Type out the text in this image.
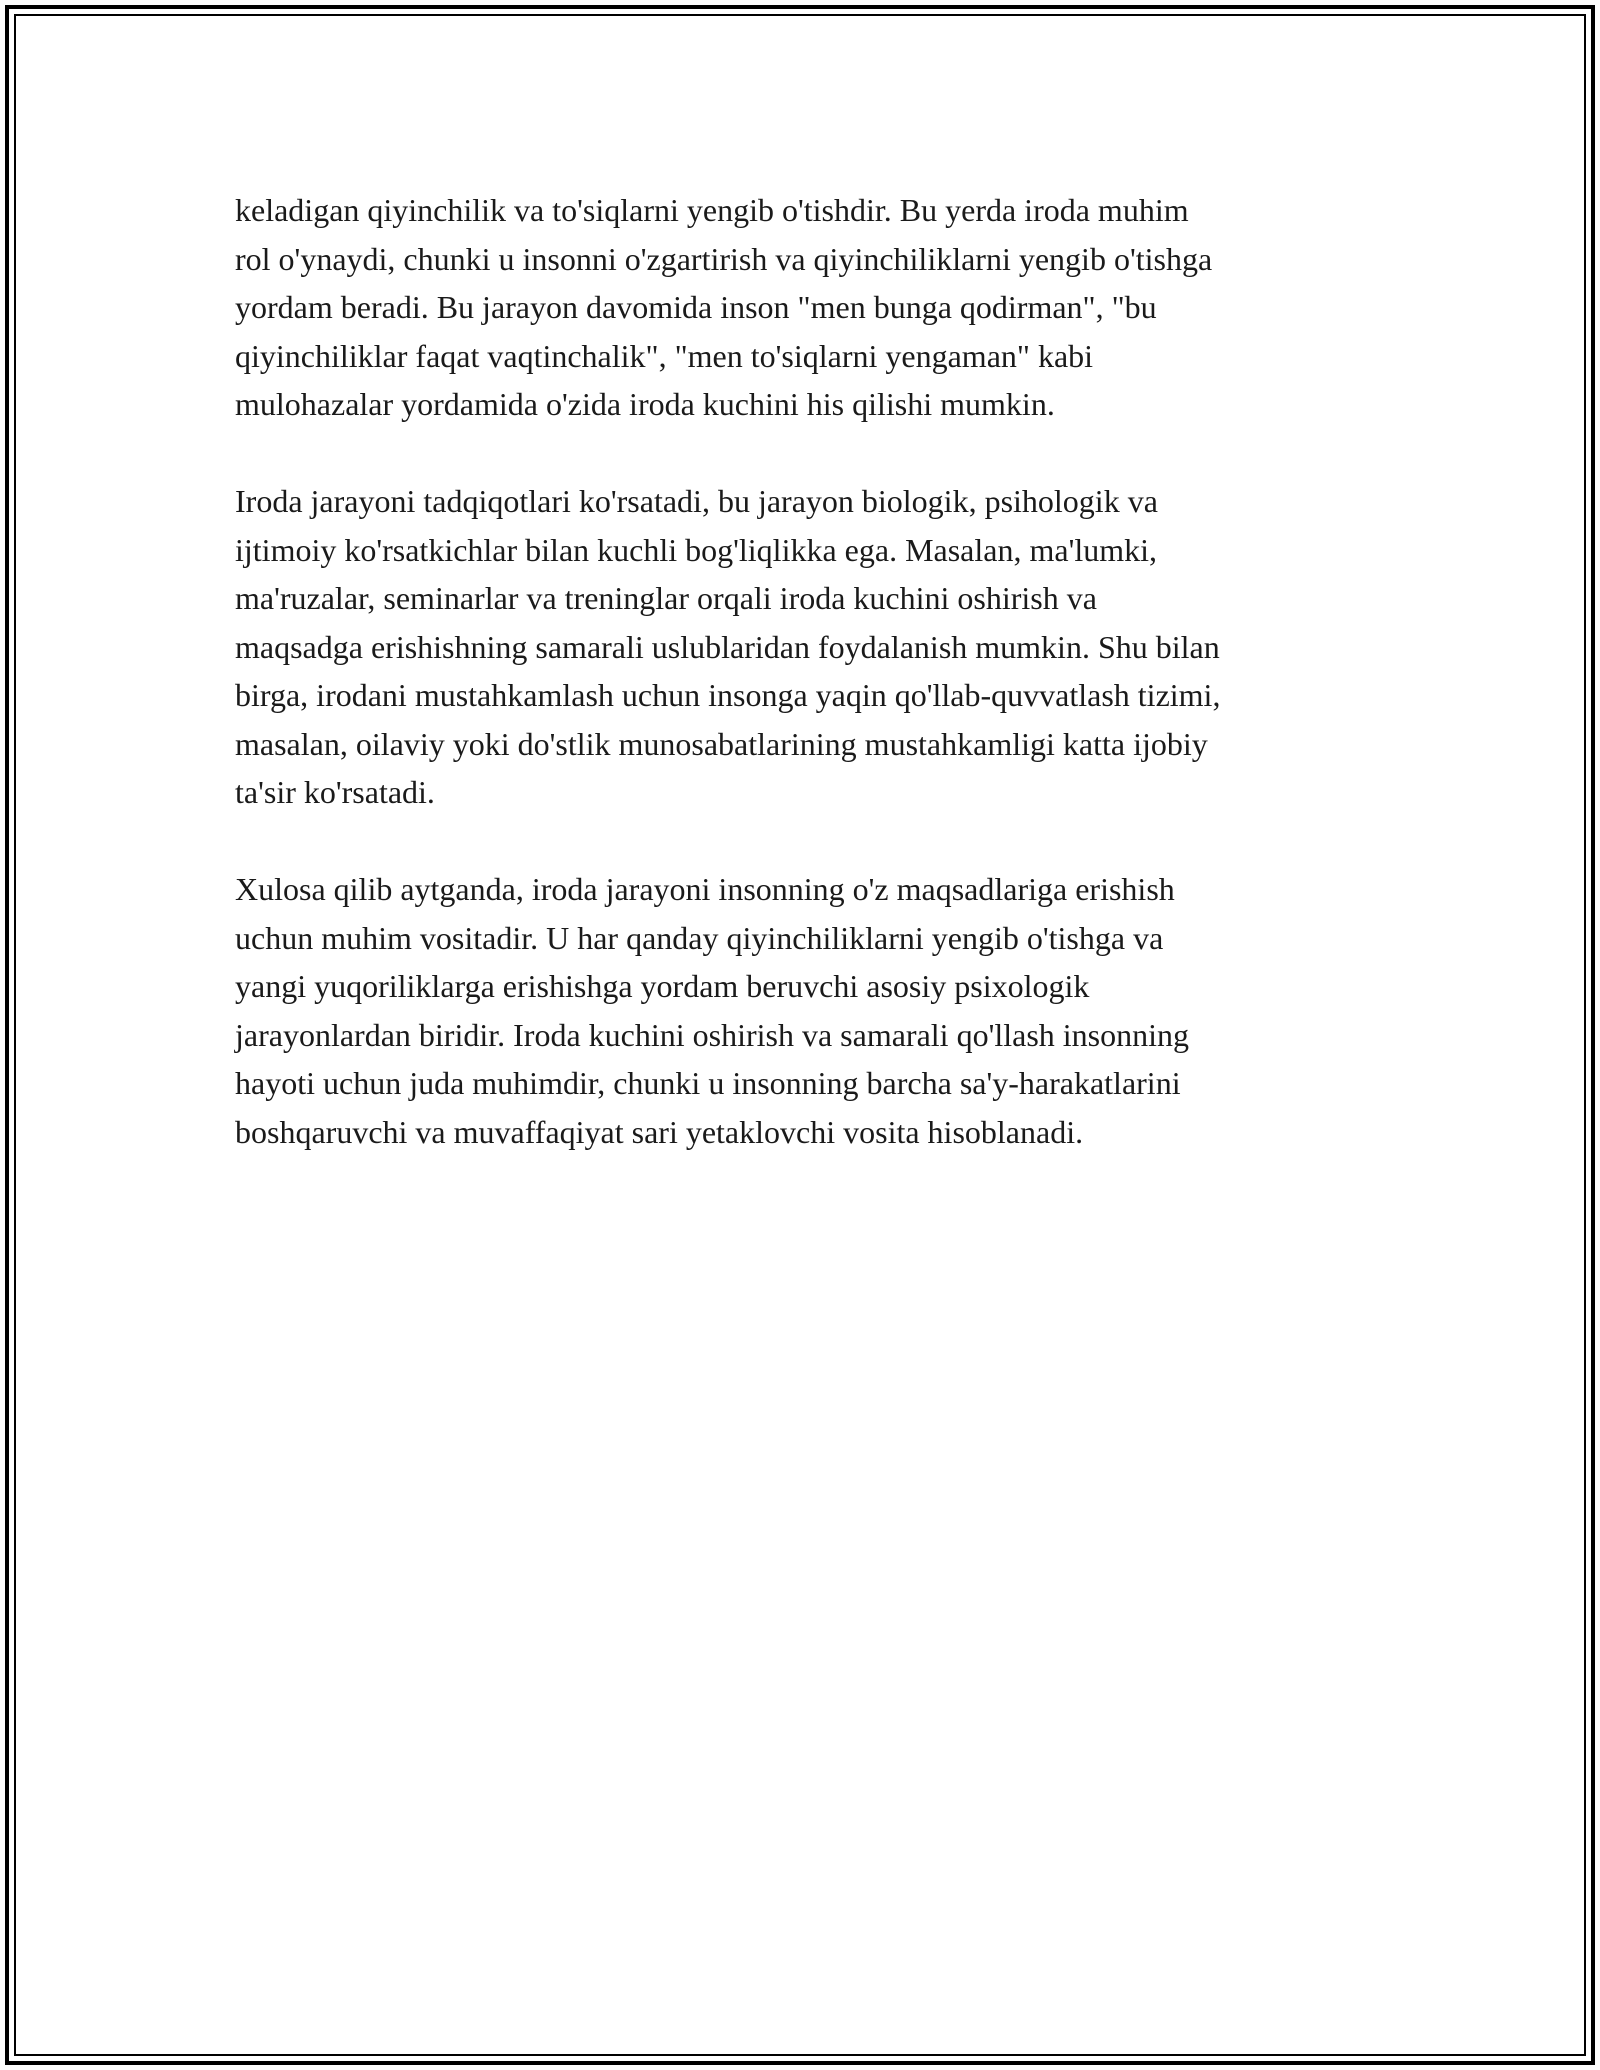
keladigan qiyinchilik va to'siqlarni yengib o'tishdir. Bu yerda iroda muhim
rol o'ynaydi, chunki u insonni o'zgartirish va qiyinchiliklarni yengib o'tishga
yordam beradi. Bu jarayon davomida inson "men bunga qodirman", "bu
qiyinchiliklar faqat vaqtinchalik", "men to'siqlarni yengaman" kabi
mulohazalar yordamida o'zida iroda kuchini his qilishi mumkin.

Iroda jarayoni tadqiqotlari ko'rsatadi, bu jarayon biologik, psihologik va
ijtimoiy ko'rsatkichlar bilan kuchli bog'liqlikka ega. Masalan, ma'lumki,
ma'ruzalar, seminarlar va treninglar orqali iroda kuchini oshirish va
maqsadga erishishning samarali uslublaridan foydalanish mumkin. Shu bilan
birga, irodani mustahkamlash uchun insonga yaqin qo'llab-quvvatlash tizimi,
masalan, oilaviy yoki do'stlik munosabatlarining mustahkamligi katta ijobiy
ta'sir ko'rsatadi.

Xulosa qilib aytganda, iroda jarayoni insonning o'z maqsadlariga erishish
uchun muhim vositadir. U har qanday qiyinchiliklarni yengib o'tishga va
yangi yuqoriliklarga erishishga yordam beruvchi asosiy psixologik
jarayonlardan biridir. Iroda kuchini oshirish va samarali qo'llash insonning
hayoti uchun juda muhimdir, chunki u insonning barcha sa'y-harakatlarini
boshqaruvchi va muvaffaqiyat sari yetaklovchi vosita hisoblanadi.
